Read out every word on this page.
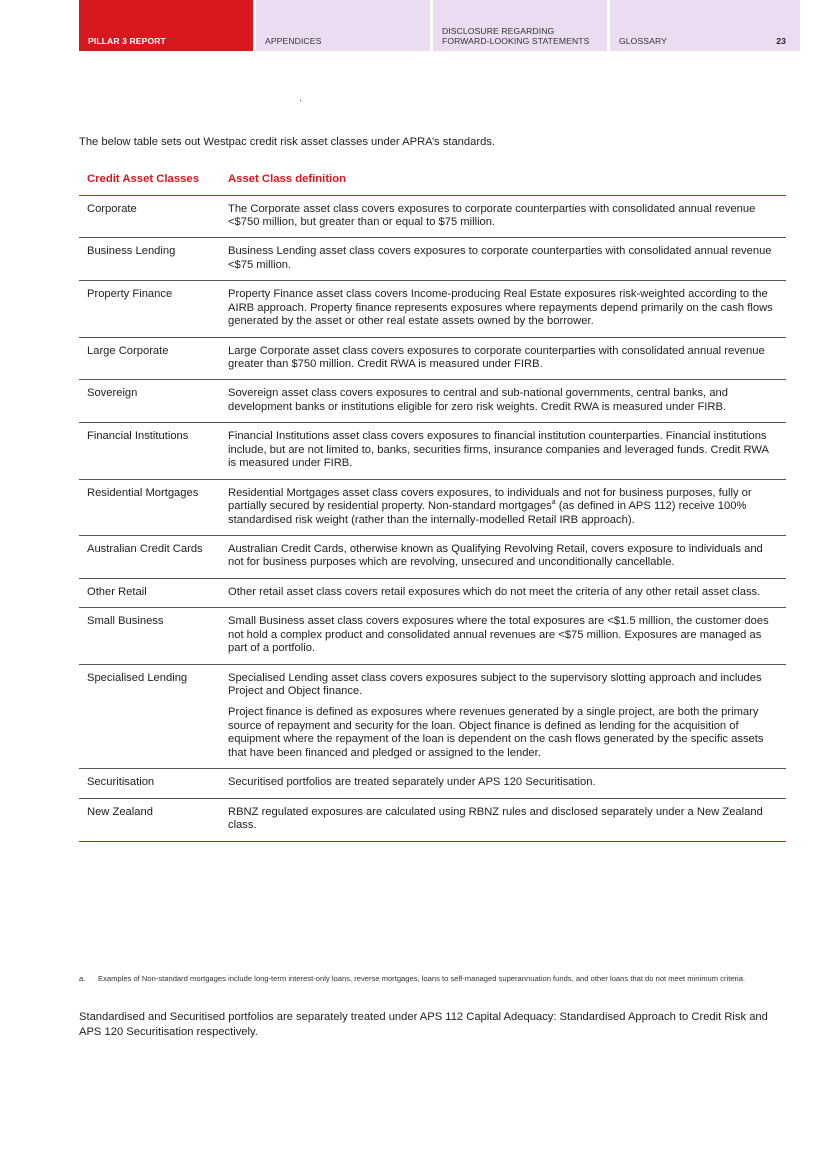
PILLAR 3 REPORT	APPENDICES
DISCLOSURE REGARDING FORWARD-LOOKING STATEMENTS	GLOSSARY	23

The below table sets out Westpac credit risk asset classes under APRA’s standards.

Credit Asset Classes	Asset Class definition
Corporate	The Corporate asset class covers exposures to corporate counterparties with consolidated annual revenue <$750 million, but greater than or equal to $75 million.

Business Lending	Business Lending asset class covers exposures to corporate counterparties with consolidated annual revenue <$75 million.

Property Finance	Property Finance asset class covers Income-producing Real Estate exposures risk-weighted according to the AIRB approach. Property finance represents exposures where repayments depend primarily on the cash flows generated by the asset or other real estate assets owned by the borrower.

Large Corporate	Large Corporate asset class covers exposures to corporate counterparties with consolidated annual revenue greater than $750 million. Credit RWA is measured under FIRB.

Sovereign	Sovereign asset class covers exposures to central and sub-national governments, central banks, and development banks or institutions eligible for zero risk weights. Credit RWA is measured under FIRB.

Financial Institutions	Financial Institutions asset class covers exposures to financial institution counterparties. Financial institutions include, but are not limited to, banks, securities firms, insurance companies and leveraged funds. Credit RWA is measured under FIRB.

Residential Mortgages	Residential Mortgages asset class covers exposures, to individuals and not for business purposes, fully or partially secured by residential property. Non-standard mortgages$^a$ (as defined in APS 112) receive 100% standardised risk weight (rather than the internally-modelled Retail IRB approach).

Australian Credit Cards	Australian Credit Cards, otherwise known as Qualifying Revolving Retail, covers exposure to individuals and not for business purposes which are revolving, unsecured and unconditionally cancellable.

Other Retail	Other retail asset class covers retail exposures which do not meet the criteria of any other retail asset class.

Small Business	Small Business asset class covers exposures where the total exposures are <$1.5 million, the customer does not hold a complex product and consolidated annual revenues are <$75 million. Exposures are managed as part of a portfolio.

Specialised Lending	Specialised Lending asset class covers exposures subject to the supervisory slotting approach and includes Project and Object finance.
Project finance is defined as exposures where revenues generated by a single project, are both the primary source of repayment and security for the loan. Object finance is defined as lending for the acquisition of equipment where the repayment of the loan is dependent on the cash flows generated by the specific assets that have been financed and pledged or assigned to the lender.

Securitisation	Securitised portfolios are treated separately under APS 120 Securitisation.

New Zealand	RBNZ regulated exposures are calculated using RBNZ rules and disclosed separately under a New Zealand class.
a.	Examples of Non-standard mortgages include long-term interest-only loans, reverse mortgages, loans to self-managed superannuation funds, and other loans that do not meet minimum criteria.

Standardised and Securitised portfolios are separately treated under APS 112 Capital Adequacy: Standardised Approach to Credit Risk and APS 120 Securitisation respectively.
